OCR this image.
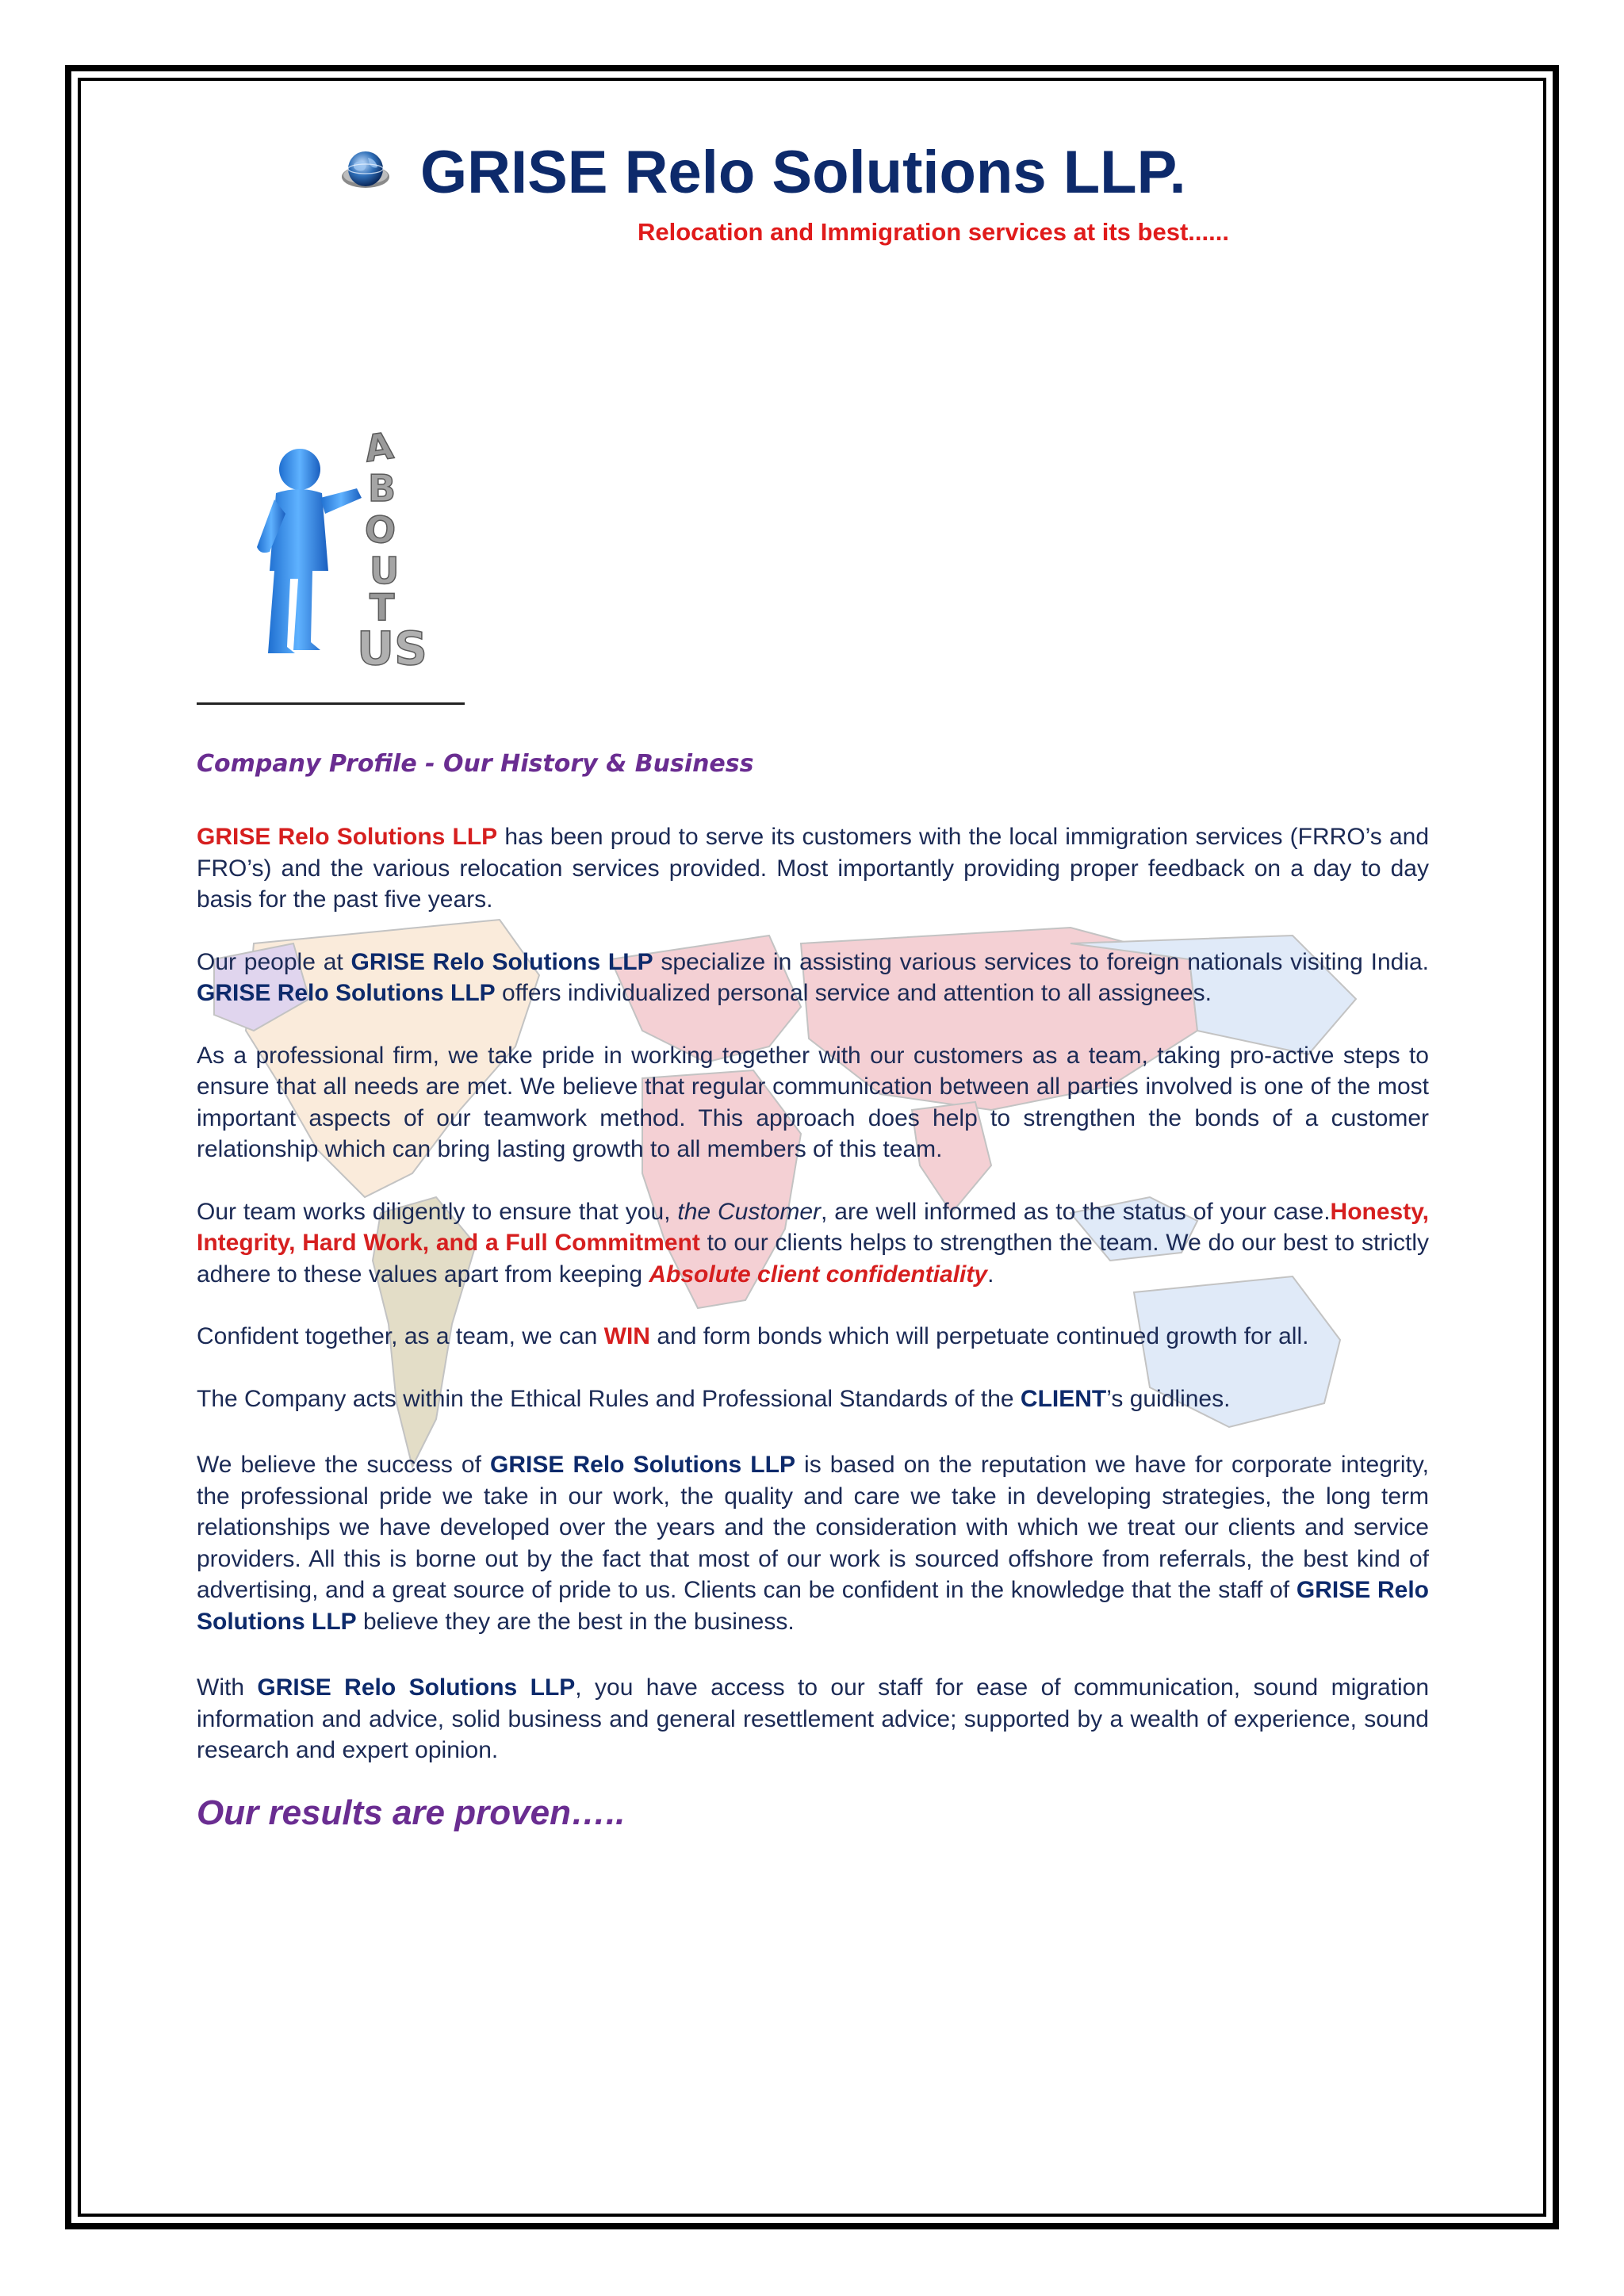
GRISE Relo Solutions LLP.
Relocation and Immigration services at its best......
A
B
O
U
T
US
Company Profile - Our History & Business

GRISE Relo Solutions LLP has been proud to serve its customers with the local immigration services (FRRO’s and FRO’s) and the various relocation services provided. Most importantly providing proper feedback on a day to day basis for the past five years.

Our people at GRISE Relo Solutions LLP specialize in assisting various services to foreign nationals visiting India. GRISE Relo Solutions LLP offers individualized personal service and attention to all assignees.

As a professional firm, we take pride in working together with our customers as a team, taking pro-active steps to ensure that all needs are met. We believe that regular communication between all parties involved is one of the most important aspects of our teamwork method. This approach does help to strengthen the bonds of a customer relationship which can bring lasting growth to all members of this team.

Our team works diligently to ensure that you, the Customer, are well informed as to the status of your case.Honesty, Integrity, Hard Work, and a Full Commitment to our clients helps to strengthen the team. We do our best to strictly adhere to these values apart from keeping Absolute client confidentiality.

Confident together, as a team, we can WIN and form bonds which will perpetuate continued growth for all.

The Company acts within the Ethical Rules and Professional Standards of the CLIENT’s guidlines.

We believe the success of GRISE Relo Solutions LLP is based on the reputation we have for corporate integrity, the professional pride we take in our work, the quality and care we take in developing strategies, the long term relationships we have developed over the years and the consideration with which we treat our clients and service providers. All this is borne out by the fact that most of our work is sourced offshore from referrals, the best kind of advertising, and a great source of pride to us. Clients can be confident in the knowledge that the staff of GRISE Relo Solutions LLP believe they are the best in the business.

With GRISE Relo Solutions LLP, you have access to our staff for ease of communication, sound migration information and advice, solid business and general resettlement advice; supported by a wealth of experience, sound research and expert opinion.

Our results are proven…..
